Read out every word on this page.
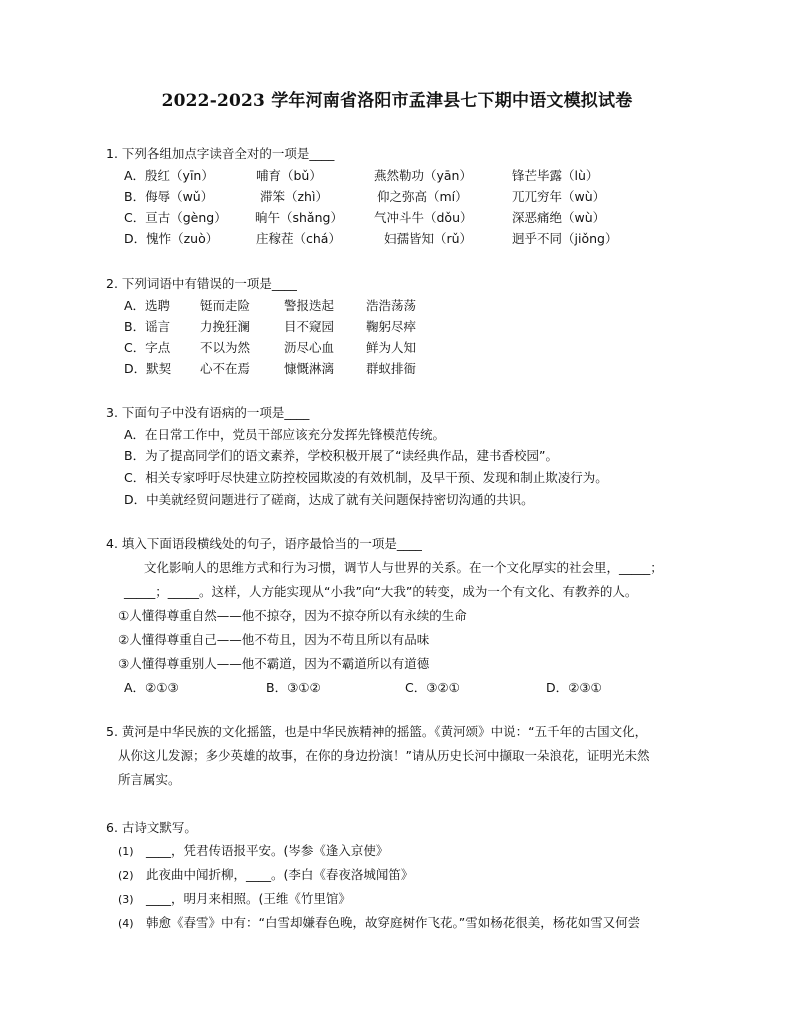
2022-2023 学年河南省洛阳市孟津县七下期中语文模拟试卷
1. 下列各组加点字读音全对的一项是____
A．殷红（yīn）	哺育（bǔ）	燕然勒功（yān）	锋芒毕露（lù）
B．侮辱（wǔ）	滞笨（zhì）	仰之弥高（mí）	兀兀穷年（wù）
C．亘古（gèng） 晌午（shǎng） 气冲斗牛（dǒu）	深恶痛绝（wù）
D．愧怍（zuò）	庄稼茬（chá）	妇孺皆知（rǔ）	迥乎不同（jiǒng）
2. 下列词语中有错误的一项是____
A．选聘 铤而走险	警报迭起	浩浩荡荡
B．谣言 力挽狂澜	目不窥园	鞠躬尽瘁
C．字点 不以为然	沥尽心血	鲜为人知
D．默契 心不在焉	慷慨淋漓	群蚁排衙
3. 下面句子中没有语病的一项是____
A．在日常工作中，党员干部应该充分发挥先锋模范传统。
B．为了提高同学们的语文素养，学校积极开展了“读经典作品，建书香校园”。
C．相关专家呼吁尽快建立防控校园欺凌的有效机制，及早干预、发现和制止欺凌行为。
D．中美就经贸问题进行了磋商，达成了就有关问题保持密切沟通的共识。
4. 填入下面语段横线处的句子，语序最恰当的一项是____
文化影响人的思维方式和行为习惯，调节人与世界的关系。在一个文化厚实的社会里，_____；
_____；_____。这样，人方能实现从“小我”向“大我”的转变，成为一个有文化、有教养的人。
①人懂得尊重自然——他不掠夺，因为不掠夺所以有永续的生命
②人懂得尊重自己——他不苟且，因为不苟且所以有品味
③人懂得尊重别人——他不霸道，因为不霸道所以有道德
A．②①③	B．③①②	C．③②①	D．②③①
5. 黄河是中华民族的文化摇篮，也是中华民族精神的摇篮。《黄河颂》中说：“五千年的古国文化，
从你这儿发源；多少英雄的故事，在你的身边扮演！”请从历史长河中撷取一朵浪花，证明光未然
所言属实。
6. 古诗文默写。
(1) ____，凭君传语报平安。(岑参《逢入京使》
(2) 此夜曲中闻折柳，____。(李白《春夜洛城闻笛》
(3) ____，明月来相照。(王维《竹里馆》
(4) 韩愈《春雪》中有：“白雪却嫌春色晚，故穿庭树作飞花。”雪如杨花很美，杨花如雪又何尝
